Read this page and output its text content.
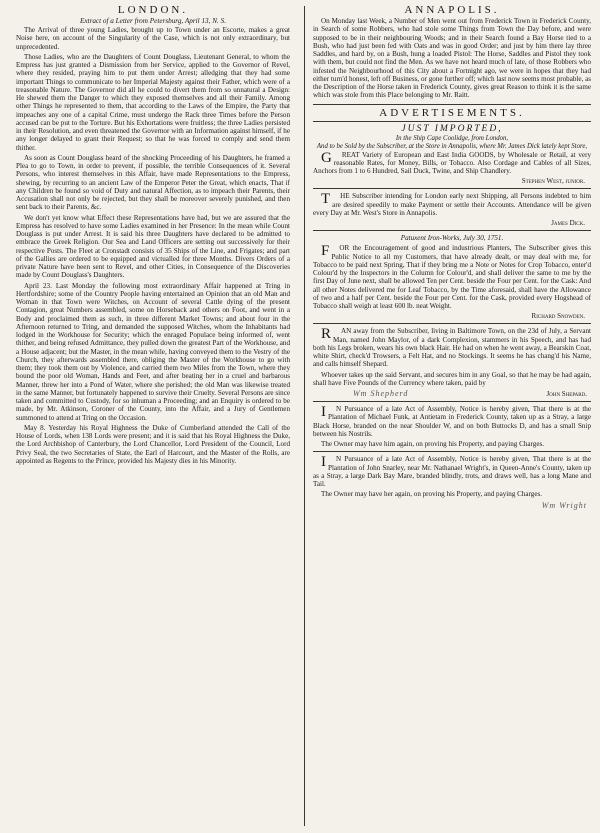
LONDON.
Extract of a Letter from Petersburg, April 13, N. S.

The Arrival of three young Ladies, brought up to Town under an Escorte, makes a great Noise here, on account of the Singularity of the Case, which is not only extraordinary, but unprecedented.

Those Ladies, who are the Daughters of Count Douglass, Lieutenant General, to whom the Empress has just granted a Dismission from her Service, applied to the Governor of Revel, where they resided, praying him to put them under Arrest; alledging that they had some important Things to communicate to her Imperial Majesty against their Father, which were of a treasonable Nature. The Governor did all he could to divert them from so unnatural a Design: He shewed them the Danger to which they exposed themselves and all their Family. Among other Things he represented to them, that according to the Laws of the Empire, the Party that impeaches any one of a capital Crime, must undergo the Rack three Times before the Person accused can be put to the Torture. But his Exhortations were fruitless; the three Ladies persisted in their Resolution, and even threatened the Governor with an Information against himself, if he any longer delayed to grant their Request; so that he was forced to comply and send them thither.

As soon as Count Douglass heard of the shocking Proceeding of his Daughters, he framed a Plea to go to Town, in order to prevent, if possible, the terrible Consequences of it. Several Persons, who interest themselves in this Affair, have made Representations to the Empress, shewing, by recurring to an ancient Law of the Emperor Peter the Great, which enacts, That if any Children be found so void of Duty and natural Affection, as to impeach their Parents, their Accusation shall not only be rejected, but they shall be moreover severely punished, and then sent back to their Parents, &c.

We don't yet know what Effect these Representations have had, but we are assured that the Empress has resolved to have some Ladies examined in her Presence: In the mean while Count Douglass is put under Arrest. It is said his three Daughters have declared to be admitted to embrace the Greek Religion. Our Sea and Land Officers are setting out successively for their respective Posts. The Fleet at Cronstadt consists of 35 Ships of the Line, and Frigates; and part of the Gallies are ordered to be equipped and victualled for three Months. Divers Orders of a private Nature have been sent to Revel, and other Cities, in Consequence of the Discoveries made by Count Douglass's Daughters.

April 23. Last Monday the following most extraordinary Affair happened at Tring in Hertfordshire; some of the Country People having entertained an Opinion that an old Man and Woman in that Town were Witches, on Account of several Cattle dying of the present Contagion, great Numbers assembled, some on Horseback and others on Foot, and went in a Body and proclaimed them as such, in three different Market Towns; and about four in the Afternoon returned to Tring, and demanded the supposed Witches, whom the Inhabitants had lodged in the Workhouse for Security; which the enraged Populace being informed of, went thither, and being refused Admittance, they pulled down the greatest Part of the Workhouse, and a House adjacent; but the Master, in the mean while, having conveyed them to the Vestry of the Church, they afterwards assembled there, obliging the Master of the Workhouse to go with them; they took them out by Violence, and carried them two Miles from the Town, where they bound the poor old Woman, Hands and Feet, and after beating her in a cruel and barbarous Manner, threw her into a Pond of Water, where she perished; the old Man was likewise treated in the same Manner, but fortunately happened to survive their Cruelty. Several Persons are since taken and committed to Custody, for so inhuman a Proceeding; and an Enquiry is ordered to be made, by Mr. Atkinson, Coroner of the County, into the Affair, and a Jury of Gentlemen summoned to attend at Tring on the Occasion.

May 8. Yesterday his Royal Highness the Duke of Cumberland attended the Call of the House of Lords, when 138 Lords were present; and it is said that his Royal Highness the Duke, the Lord Archbishop of Canterbury, the Lord Chancellor, Lord President of the Council, Lord Privy Seal, the two Secretaries of State, the Earl of Harcourt, and the Master of the Rolls, are appointed as Regents to the Prince, provided his Majesty dies in his Minority.

ANNAPOLIS.

On Monday last Week, a Number of Men went out from Frederick Town in Frederick County, in Search of some Robbers, who had stole some Things from Town the Day before, and were supposed to be in their neighbouring Woods; and in their Search found a Bay Horse tied to a Bush, who had just been fed with Oats and was in good Order; and just by him there lay three Saddles, and hard by, on a Bush, hung a loaded Pistol: The Horse, Saddles and Pistol they took with them, but could not find the Men. As we have not heard much of late, of those Robbers who infested the Neighbourhood of this City about a Fortnight ago, we were in hopes that they had either turn'd honest, left off Business, or gone further off; which last now seems most probable, as the Description of the Horse taken in Frederick County, gives great Reason to think it is the same which was stole from this Place belonging to Mr. Raitt.

ADVERTISEMENTS.
JUST IMPORTED,
In the Ship Cape Coolidge, from London,
And to be Sold by the Subscriber, at the Store in Annapolis, where Mr. James Dick lately kept Store,

GREAT Variety of European and East India GOODS, by Wholesale or Retail, at very reasonable Rates, for Money, Bills, or Tobacco. Also Cordage and Cables of all Sizes, Anchors from 1 to 6 Hundred, Sail Duck, Twine, and Ship Chandlery.

Stephen West, junior.

THE Subscriber intending for London early next Shipping, all Persons indebted to him are desired speedily to make Payment or settle their Accounts. Attendance will be given every Day at Mr. West's Store in Annapolis.

James Dick.

Patuxent Iron-Works, July 30, 1751.

FOR the Encouragement of good and industrious Planters, The Subscriber gives this Public Notice to all my Customers, that have already dealt, or may deal with me, for Tobacco to be paid next Spring, That if they bring me a Note or Notes for Crop Tobacco, enter'd Colour'd by the Inspectors in the Column for Colour'd, and shall deliver the same to me by the first Day of June next, shall be allowed Ten per Cent. beside the Four per Cent. for the Cask: And all other Notes delivered me for Leaf Tobacco, by the Time aforesaid, shall have the Allowance of two and a half per Cent. beside the Four per Cent. for the Cask, provided every Hogshead of Tobacco shall weigh at least 600 lb. neat Weight.

Richard Snowden.

RAN away from the Subscriber, living in Baltimore Town, on the 23d of July, a Servant Man, named John Maylor, of a dark Complexion, stammers in his Speech, and has had both his Legs broken, wears his own black Hair. He had on when he went away, a Bearskin Coat, white Shirt, check'd Trowsers, a Felt Hat, and no Stockings. It seems he has chang'd his Name, and calls himself Shepard.

Whoever takes up the said Servant, and secures him in any Goal, so that he may be had again, shall have Five Pounds of the Currency where taken, paid by

Wm Shepherd	John Shepard.

IN Pursuance of a late Act of Assembly, Notice is hereby given, That there is at the Plantation of Michael Funk, at Antietam in Frederick County, taken up as a Stray, a large Black Horse, branded on the near Shoulder W, and on both Buttocks D, and has a small Snip between his Nostrils.

The Owner may have him again, on proving his Property, and paying Charges.

IN Pursuance of a late Act of Assembly, Notice is hereby given, That there is at the Plantation of John Snarley, near Mr. Nathanael Wright's, in Queen-Anne's County, taken up as a Stray, a large Dark Bay Mare, branded blindly, trots, and draws well, has a long Mane and Tail.

The Owner may have her again, on proving his Property, and paying Charges.

Wm Wright
